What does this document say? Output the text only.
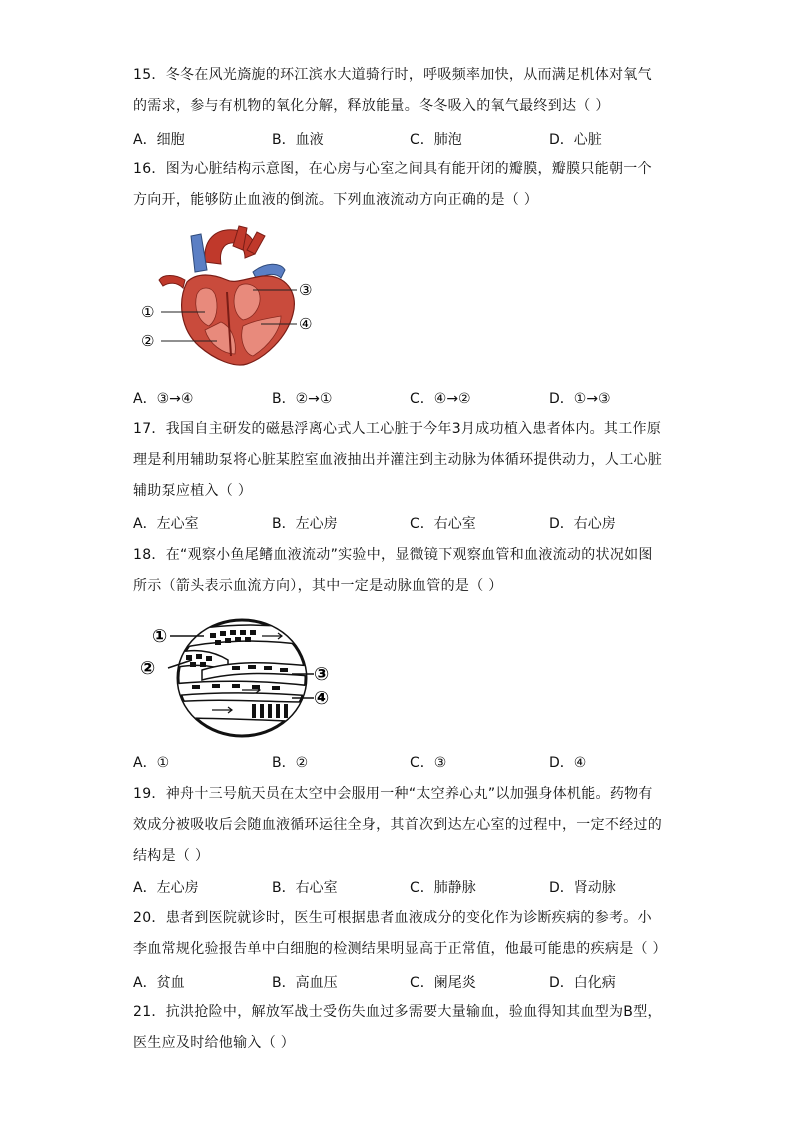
15．冬冬在风光旖旎的环江滨水大道骑行时，呼吸频率加快，从而满足机体对氧气的需求，参与有机物的氧化分解，释放能量。冬冬吸入的氧气最终到达（ ）
A．细胞	B．血液	C．肺泡	D．心脏
16．图为心脏结构示意图，在心房与心室之间具有能开闭的瓣膜，瓣膜只能朝一个方向开，能够防止血液的倒流。下列血液流动方向正确的是（ ）
①
②
③
④
A．③→④	B．②→①	C．④→②	D．①→③
17．我国自主研发的磁悬浮离心式人工心脏于今年3月成功植入患者体内。其工作原理是利用辅助泵将心脏某腔室血液抽出并灌注到主动脉为体循环提供动力，人工心脏辅助泵应植入（ ）
A．左心室	B．左心房	C．右心室	D．右心房
18．在“观察小鱼尾鳍血液流动”实验中，显微镜下观察血管和血液流动的状况如图所示（箭头表示血流方向），其中一定是动脉血管的是（ ）
①
②	③
④
A．①	B．②	C．③	D．④
19．神舟十三号航天员在太空中会服用一种“太空养心丸”以加强身体机能。药物有效成分被吸收后会随血液循环运往全身，其首次到达左心室的过程中，一定不经过的结构是（ ）
A．左心房	B．右心室	C．肺静脉	D．肾动脉
20．患者到医院就诊时，医生可根据患者血液成分的变化作为诊断疾病的参考。小李血常规化验报告单中白细胞的检测结果明显高于正常值，他最可能患的疾病是（ ）
A．贫血	B．高血压	C．阑尾炎	D．白化病
21．抗洪抢险中，解放军战士受伤失血过多需要大量输血，验血得知其血型为B型，医生应及时给他输入（ ）
